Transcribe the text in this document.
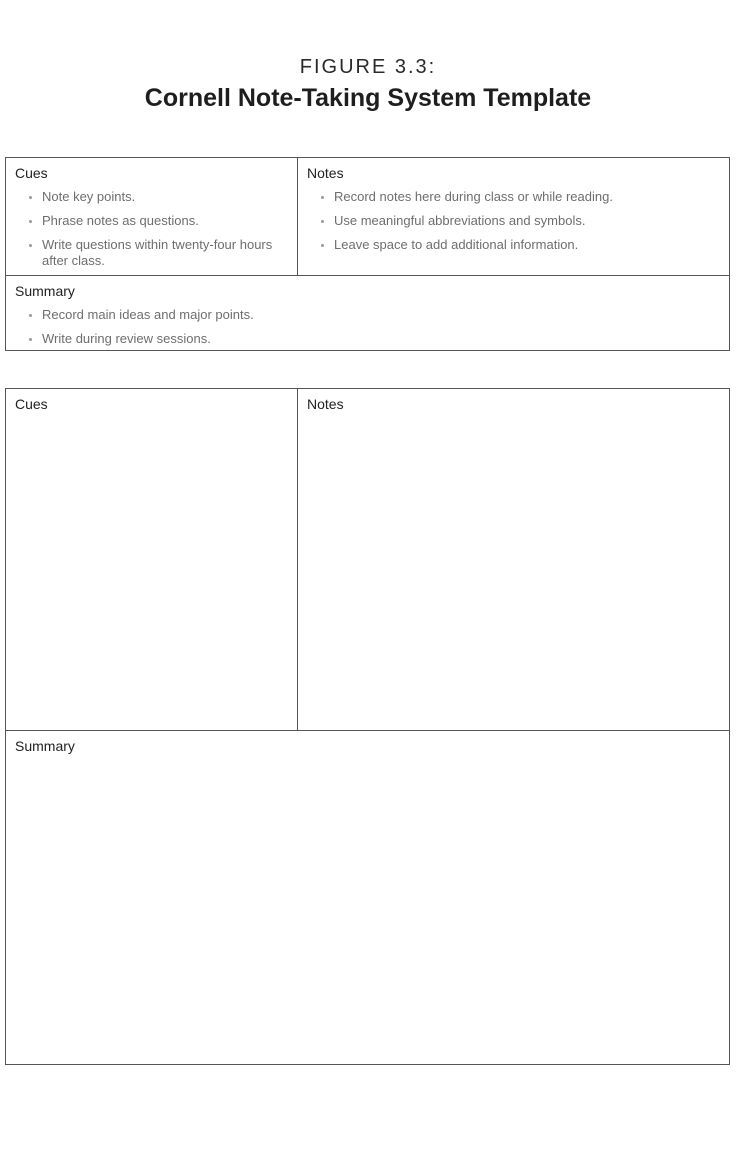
FIGURE 3.3:
Cornell Note-Taking System Template
Cues
Note key points.
Phrase notes as questions.
Write questions within twenty-four hours after class.
Notes
Record notes here during class or while reading.
Use meaningful abbreviations and symbols.
Leave space to add additional information.
Summary
Record main ideas and major points.
Write during review sessions.
Cues	Notes
Summary
